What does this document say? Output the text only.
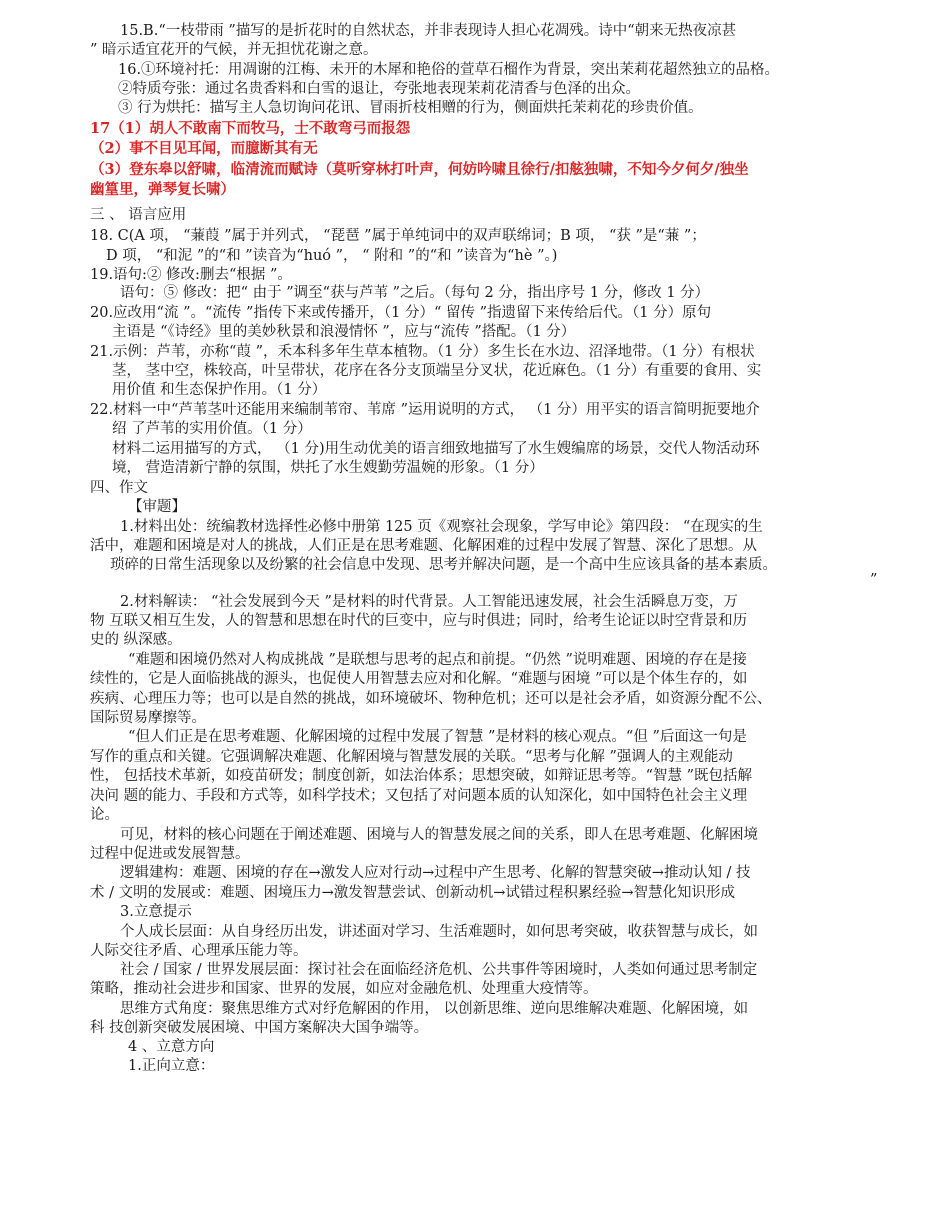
15.B.“一枝带雨 ”描写的是折花时的自然状态，并非表现诗人担心花凋残。诗中“朝来无热夜凉甚
” 暗示适宜花开的气候，并无担忧花谢之意。
16.①环境衬托：用凋谢的江梅、未开的木犀和艳俗的萱草石榴作为背景，突出茉莉花超然独立的品格。
②特质夸张：通过名贵香料和白雪的退让，夸张地表现茉莉花清香与色泽的出众。
③ 行为烘托：描写主人急切询问花讯、冒雨折枝相赠的行为，侧面烘托茉莉花的珍贵价值。
17（1）胡人不敢南下而牧马，士不敢弯弓而报怨
（2）事不目见耳闻，而臆断其有无
（3）登东皋以舒啸，临清流而赋诗（莫听穿林打叶声，何妨吟啸且徐行/扣舷独啸，不知今夕何夕/独坐
幽篁里，弹琴复长啸）
三 、 语言应用
18. C(A 项， “蒹葭 ”属于并列式， “琵琶 ”属于单纯词中的双声联绵词；B 项， “获 ”是“蒹 ”；
D 项， “和泥 ”的“和 ”读音为“huó ”， “ 附和 ”的“和 ”读音为“hè ”。)
19.语句:② 修改:删去“根据 ”。
语句：⑤ 修改：把“ 由于 ”调至“获与芦苇 ”之后。（每句 2 分，指出序号 1 分，修改 1 分）
20.应改用“流 ”。“流传 ”指传下来或传播开，（1 分）“ 留传 ”指遗留下来传给后代。（1 分）原句
主语是 “《诗经》里的美妙秋景和浪漫情怀 ”，应与“流传 ”搭配。（1 分）
21.示例：芦苇，亦称“葭 ”，禾本科多年生草本植物。（1 分）多生长在水边、沼泽地带。（1 分）有根状
茎， 茎中空，株较高，叶呈带状，花序在各分支顶端呈分叉状，花近麻色。（1 分）有重要的食用、实
用价值 和生态保护作用。（1 分）
22.材料一中“芦苇茎叶还能用来编制苇帘、苇席 ”运用说明的方式， （1 分）用平实的语言简明扼要地介
绍 了芦苇的实用价值。（1 分）
材料二运用描写的方式， （1 分)用生动优美的语言细致地描写了水生嫂编席的场景，交代人物活动环
境， 营造清新宁静的氛围，烘托了水生嫂勤劳温婉的形象。（1 分）
四、作文
【审题】
1.材料出处：统编教材选择性必修中册第 125 页《观察社会现象，学写申论》第四段： “在现实的生
活中，难题和困境是对人的挑战，人们正是在思考难题、化解困难的过程中发展了智慧、深化了思想。从
琐碎的日常生活现象以及纷繁的社会信息中发现、思考并解决问题，是一个高中生应该具备的基本素质。
”
2.材料解读： “社会发展到今天 ”是材料的时代背景。人工智能迅速发展，社会生活瞬息万变，万
物 互联又相互生发，人的智慧和思想在时代的巨变中，应与时俱进；同时，给考生论证以时空背景和历
史的 纵深感。
“难题和困境仍然对人构成挑战 ”是联想与思考的起点和前提。“仍然 ”说明难题、困境的存在是接
续性的，它是人面临挑战的源头，也促使人用智慧去应对和化解。“难题与困境 ”可以是个体生存的，如
疾病、心理压力等；也可以是自然的挑战，如环境破坏、物种危机；还可以是社会矛盾，如资源分配不公、
国际贸易摩擦等。
“但人们正是在思考难题、化解困境的过程中发展了智慧 ”是材料的核心观点。“但 ”后面这一句是
写作的重点和关键。它强调解决难题、化解困境与智慧发展的关联。“思考与化解 ”强调人的主观能动
性， 包括技术革新，如疫苗研发；制度创新，如法治体系；思想突破，如辩证思考等。“智慧 ”既包括解
决问 题的能力、手段和方式等，如科学技术；又包括了对问题本质的认知深化，如中国特色社会主义理
论。
可见，材料的核心问题在于阐述难题、困境与人的智慧发展之间的关系，即人在思考难题、化解困境
过程中促进或发展智慧。
逻辑建构：难题、困境的存在→激发人应对行动→过程中产生思考、化解的智慧突破→推动认知 / 技
术 / 文明的发展或：难题、困境压力→激发智慧尝试、创新动机→试错过程积累经验→智慧化知识形成
3.立意提示
个人成长层面：从自身经历出发，讲述面对学习、生活难题时，如何思考突破，收获智慧与成长，如
人际交往矛盾、心理承压能力等。
社会 / 国家 / 世界发展层面：探讨社会在面临经济危机、公共事件等困境时，人类如何通过思考制定
策略，推动社会进步和国家、世界的发展，如应对金融危机、处理重大疫情等。
思维方式角度：聚焦思维方式对纾危解困的作用， 以创新思维、逆向思维解决难题、化解困境，如
科 技创新突破发展困境、中国方案解决大国争端等。
4 、立意方向
1.正向立意：
